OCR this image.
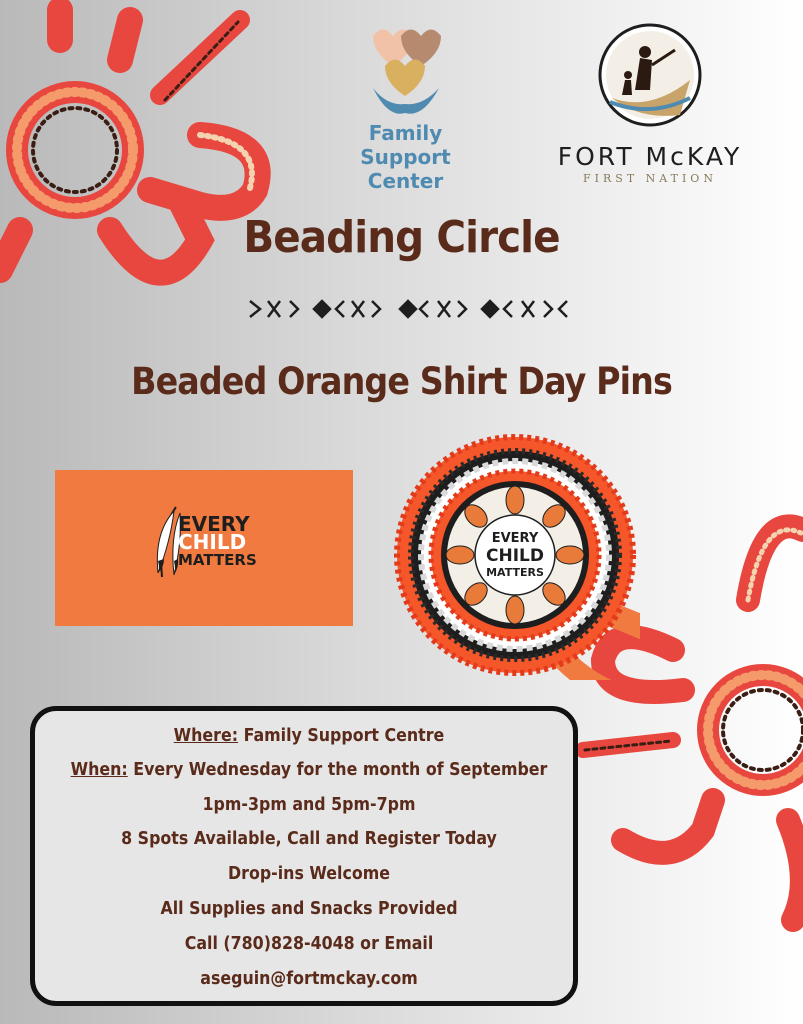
Family
Support
Center
FORT McKAY
FIRST NATION
Beading Circle
Beaded Orange Shirt Day Pins
EVERY
CHILD
MATTERS
EVERY
CHILD
MATTERS
Where: Family Support Centre
When: Every Wednesday for the month of September
1pm-3pm and 5pm-7pm
8 Spots Available, Call and Register Today
Drop-ins Welcome
All Supplies and Snacks Provided
Call (780)828-4048 or Email
aseguin@fortmckay.com
